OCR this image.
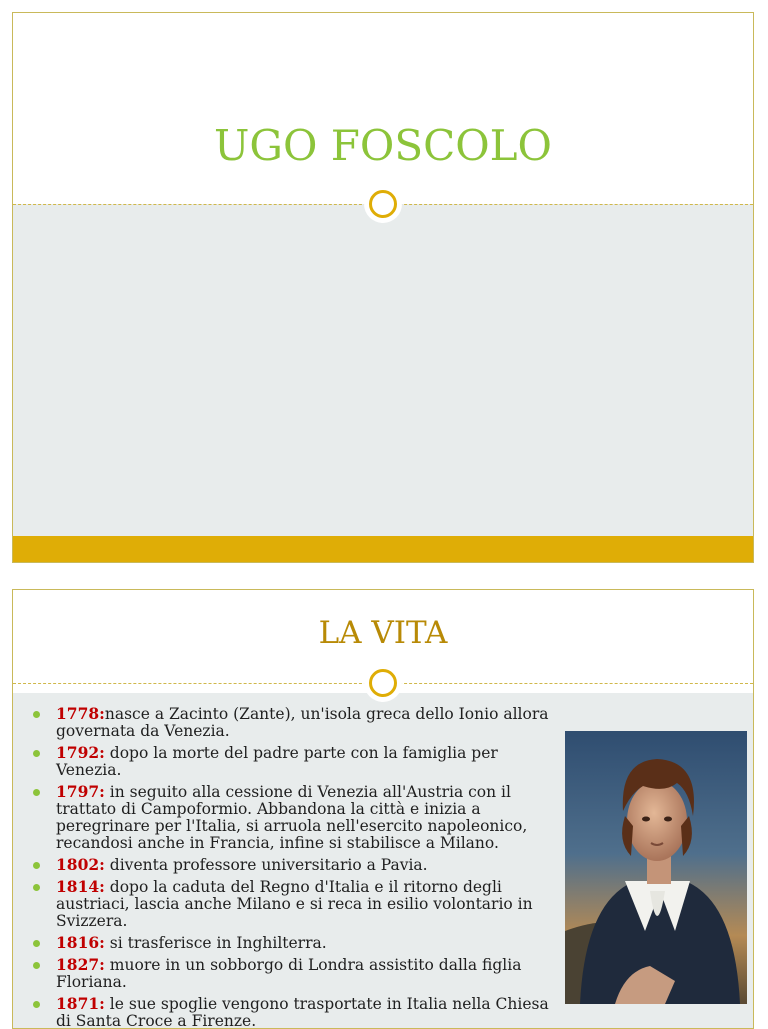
UGO FOSCOLO
LA VITA
1778:nasce a Zacinto (Zante), un'isola greca dello Ionio allora governata da Venezia.
1792: dopo la morte del padre parte con la famiglia per Venezia.
1797: in seguito alla cessione di Venezia all'Austria con il trattato di Campoformio. Abbandona la città e inizia a peregrinare per l'Italia, si arruola nell'esercito napoleonico, recandosi anche in Francia, infine si stabilisce a Milano.
1802: diventa professore universitario a Pavia.
1814: dopo la caduta del Regno d'Italia e il ritorno degli austriaci, lascia anche Milano e si reca in esilio volontario in Svizzera.
1816: si trasferisce in Inghilterra.
1827: muore in un sobborgo di Londra assistito dalla figlia Floriana.
1871: le sue spoglie vengono trasportate in Italia nella Chiesa di Santa Croce a Firenze.
